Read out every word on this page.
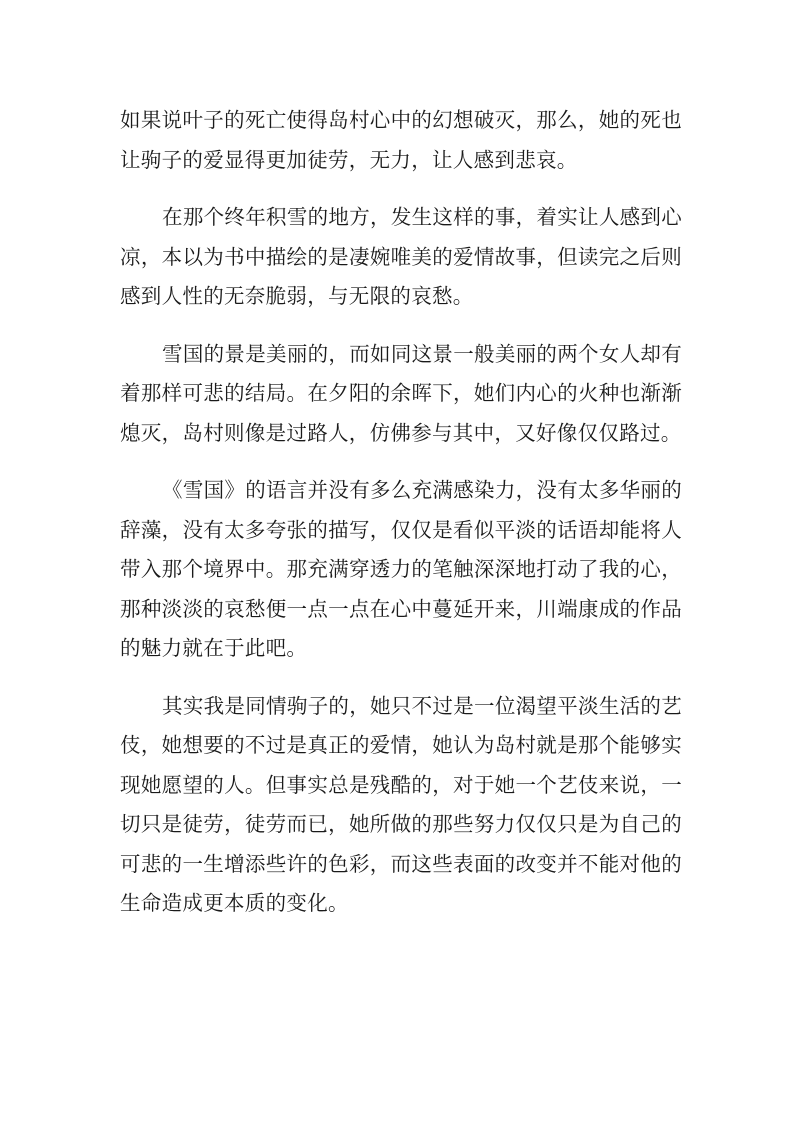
如果说叶子的死亡使得岛村心中的幻想破灭，那么，她的死也让驹子的爱显得更加徒劳，无力，让人感到悲哀。

在那个终年积雪的地方，发生这样的事，着实让人感到心凉，本以为书中描绘的是凄婉唯美的爱情故事，但读完之后则感到人性的无奈脆弱，与无限的哀愁。

雪国的景是美丽的，而如同这景一般美丽的两个女人却有着那样可悲的结局。在夕阳的余晖下，她们内心的火种也渐渐熄灭，岛村则像是过路人，仿佛参与其中，又好像仅仅路过。

《雪国》的语言并没有多么充满感染力，没有太多华丽的辞藻，没有太多夸张的描写，仅仅是看似平淡的话语却能将人带入那个境界中。那充满穿透力的笔触深深地打动了我的心，那种淡淡的哀愁便一点一点在心中蔓延开来，川端康成的作品的魅力就在于此吧。

其实我是同情驹子的，她只不过是一位渴望平淡生活的艺伎，她想要的不过是真正的爱情，她认为岛村就是那个能够实现她愿望的人。但事实总是残酷的，对于她一个艺伎来说，一切只是徒劳，徒劳而已，她所做的那些努力仅仅只是为自己的可悲的一生增添些许的色彩，而这些表面的改变并不能对他的生命造成更本质的变化。
